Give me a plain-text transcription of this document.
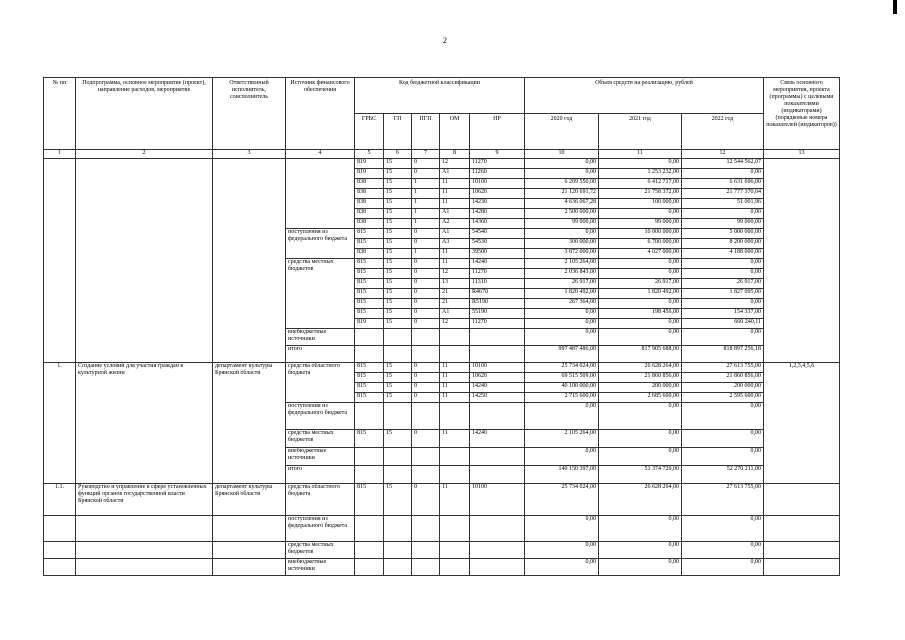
2
№ пп	Подпрограмма, основное мероприятие (проект), направление расходов, мероприятие	Ответственный исполнитель, соисполнитель	Источник финансового обеспечения	Код бюджетной классификации					Объем средств на реализацию, рублей			Связь основного мероприятия, проекта (программы) с целевыми показателями (индикаторами) (порядковые номера показателей (индикаторов))
				ГРБС	ГП	ПГП	ОМ	НР	2020 год	2021 год	2022 год	
1	2	3	4	5	6	7	8	9	10	11	12	13
				819	15	0	12	11270	0,00	0,00	12 544 562,07	
				819	15	0	А1	11260	0,00	1 253 232,00	0,00	
				838	15	1	11	10100	6 209 550,00	6 412 717,00	6 631 696,00	
				838	15	1	11	10620	21 120 691,72	21 758 372,00	21 777 370,04	
				838	15	1	11	14230	4 636 067,28	100 000,00	51 001,96	
				838	15	1	А1	14280	2 500 000,00	0,00	0,00	
				838	15	1	А2	14360	99 000,00	99 000,00	99 000,00	
			поступления из федерального бюджета	815	15	0	А1	54540	0,00	10 000 000,00	5 000 000,00	
				815	15	0	А3	54530	300 000,00	6 700 000,00	8 200 000,00	
				838	15	1	11	39500	3 872 000,00	4 027 000,00	4 188 000,00	
			средства местных бюджетов	815	15	0	11	14240	2 105 264,00	0,00	0,00	
				815	15	0	12	11270	2 036 843,00	0,00	0,00	
				815	15	0	13	11310	26 917,00	26 917,00	26 917,00	
				815	15	0	21	R4670	1 820 492,00	1 820 492,00	1 827 095,00	
				815	15	0	21	R5190	267 364,00	0,00	0,00	
				815	15	0	А1	55190	0,00	198 456,00	154 337,00	
				819	15	0	12	11270	0,00	0,00	660 240,11	
			внебюджетные источники						0,00	0,00	0,00	
			итого						997 487 486,00	817 905 688,00	818 897 256,18	
1.	Создание условий для участия граждан в культурной жизни	департамент культуры Брянской области	средства областного бюджета	815	15	0	11	10100	25 734 024,00	26 628 264,00	27 613 755,00	1,2,3,4,5,6
				815	15	0	11	10620	69 515 509,00	21 860 856,00	21 860 856,00	
				815	15	0	11	14240	40 100 000,00	200 000,00	200 000,00	
				815	15	0	11	14250	2 715 600,00	2 685 600,00	2 595 600,00	
			поступления из федерального бюджета						0,00	0,00	0,00	
			средства местных бюджетов	815	15	0	11	14240	2 105 264,00	0,00	0,00	
			внебюджетные источники						0,00	0,00	0,00	
			итого						140 150 397,00	51 374 720,00	52 270 211,00	
1.1.	Руководство и управление в сфере установленных функций органов государственной власти Брянской области	департамент культуры Брянской области	средства областного бюджета	815	15	0	11	10100	25 734 024,00	26 628 264,00	27 613 755,00	
			поступления из федерального бюджета						0,00	0,00	0,00	
			средства местных бюджетов						0,00	0,00	0,00	
			внебюджетные источники						0,00	0,00	0,00	
